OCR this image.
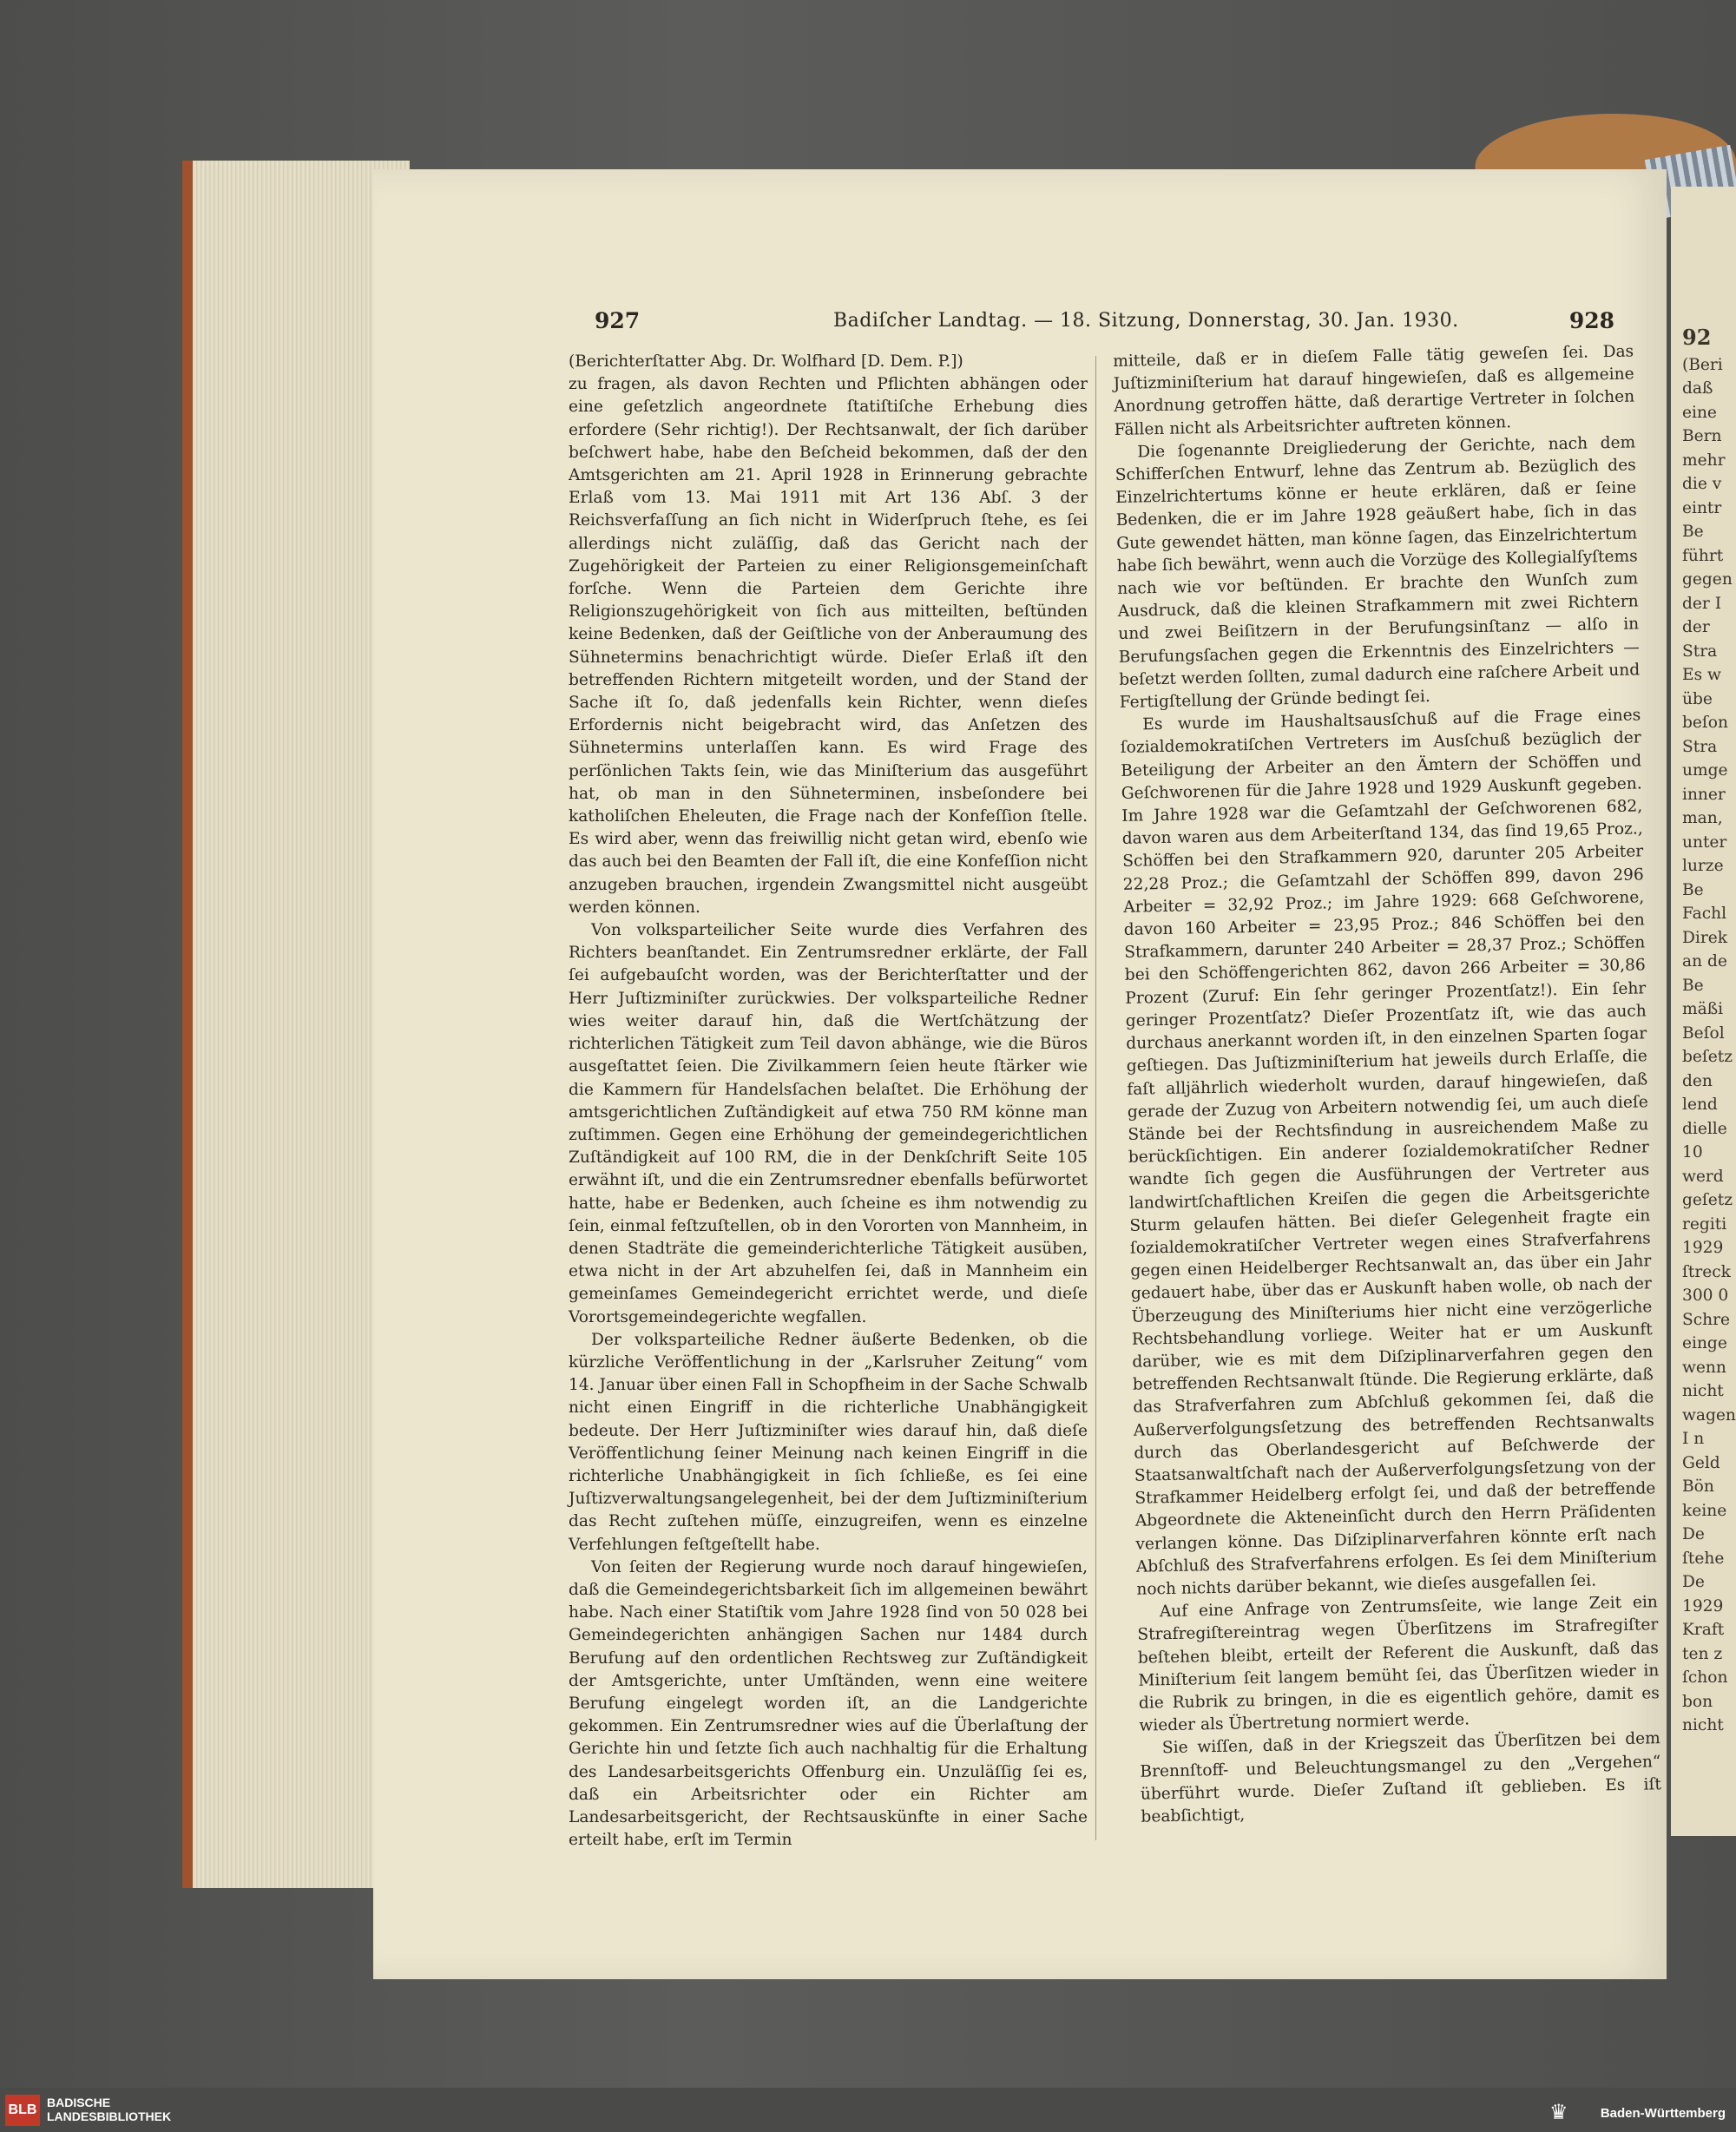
92
(Beri
daß
eine
Bern
mehr
die v
eintr
Be
führt
gegen
der I
der
Stra
Es w
übe
beſon
Stra
umge
inner
man,
unter
lurze
Be
Fachl
Direk
an de
Be
mäßi
Beſol
beſetz
den
lend
dielle
10
werd
geſetz
regiti
1929
ſtreck
300 0
Schre
einge
wenn
nicht
wagen
I n
Geld
Bön
keine
De
ſtehe
De
1929
Kraft
ten z
ſchon
bon
nicht
927	Badiſcher Landtag. — 18. Sitzung, Donnerstag, 30. Jan. 1930.	928

(Berichterſtatter Abg. Dr. Wolfhard [D. Dem. P.])

zu fragen, als davon Rechten und Pflichten abhängen oder eine geſetzlich angeordnete ſtatiſtiſche Erhebung dies erfordere (Sehr richtig!). Der Rechtsanwalt, der ſich darüber beſchwert habe, habe den Beſcheid bekommen, daß der den Amtsgerichten am 21. April 1928 in Erinnerung gebrachte Erlaß vom 13. Mai 1911 mit Art 136 Abſ. 3 der Reichsverfaſſung an ſich nicht in Widerſpruch ſtehe, es ſei allerdings nicht zuläſſig, daß das Gericht nach der Zugehörigkeit der Parteien zu einer Religionsgemeinſchaft forſche. Wenn die Parteien dem Gerichte ihre Religionszugehörigkeit von ſich aus mitteilten, beſtünden keine Bedenken, daß der Geiſtliche von der Anberaumung des Sühnetermins benachrichtigt würde. Dieſer Erlaß iſt den betreffenden Richtern mitgeteilt worden, und der Stand der Sache iſt ſo, daß jedenfalls kein Richter, wenn dieſes Erfordernis nicht beigebracht wird, das Anſetzen des Sühnetermins unterlaſſen kann. Es wird Frage des perſönlichen Takts ſein, wie das Miniſterium das ausgeführt hat, ob man in den Sühneterminen, insbeſondere bei katholiſchen Eheleuten, die Frage nach der Konfeſſion ſtelle. Es wird aber, wenn das freiwillig nicht getan wird, ebenſo wie das auch bei den Beamten der Fall iſt, die eine Konfeſſion nicht anzugeben brauchen, irgendein Zwangsmittel nicht ausgeübt werden können.

Von volksparteilicher Seite wurde dies Verfahren des Richters beanſtandet. Ein Zentrumsredner erklärte, der Fall ſei aufgebauſcht worden, was der Berichterſtatter und der Herr Juſtizminiſter zurückwies. Der volksparteiliche Redner wies weiter darauf hin, daß die Wertſchätzung der richterlichen Tätigkeit zum Teil davon abhänge, wie die Büros ausgeſtattet ſeien. Die Zivilkammern ſeien heute ſtärker wie die Kammern für Handelsſachen belaſtet. Die Erhöhung der amtsgerichtlichen Zuſtändigkeit auf etwa 750 RM könne man zuſtimmen. Gegen eine Erhöhung der gemeindegerichtlichen Zuſtändigkeit auf 100 RM, die in der Denkſchrift Seite 105 erwähnt iſt, und die ein Zentrumsredner ebenfalls befürwortet hatte, habe er Bedenken, auch ſcheine es ihm notwendig zu ſein, einmal feſtzuſtellen, ob in den Vororten von Mannheim, in denen Stadträte die gemeinderichterliche Tätigkeit ausüben, etwa nicht in der Art abzuhelfen ſei, daß in Mannheim ein gemeinſames Gemeindegericht errichtet werde, und dieſe Vorortsgemeindegerichte wegfallen.

Der volksparteiliche Redner äußerte Bedenken, ob die kürzliche Veröffentlichung in der „Karlsruher Zeitung“ vom 14. Januar über einen Fall in Schopfheim in der Sache Schwalb nicht einen Eingriff in die richterliche Unabhängigkeit bedeute. Der Herr Juſtizminiſter wies darauf hin, daß dieſe Veröffentlichung ſeiner Meinung nach keinen Eingriff in die richterliche Unabhängigkeit in ſich ſchließe, es ſei eine Juſtizverwaltungsangelegenheit, bei der dem Juſtizminiſterium das Recht zuſtehen müſſe, einzugreifen, wenn es einzelne Verfehlungen feſtgeſtellt habe.

Von ſeiten der Regierung wurde noch darauf hingewieſen, daß die Gemeindegerichtsbarkeit ſich im allgemeinen bewährt habe. Nach einer Statiſtik vom Jahre 1928 ſind von 50 028 bei Gemeindegerichten anhängigen Sachen nur 1484 durch Berufung auf den ordentlichen Rechtsweg zur Zuſtändigkeit der Amtsgerichte, unter Umſtänden, wenn eine weitere Berufung eingelegt worden iſt, an die Landgerichte gekommen. Ein Zentrumsredner wies auf die Überlaſtung der Gerichte hin und ſetzte ſich auch nachhaltig für die Erhaltung des Landesarbeitsgerichts Offenburg ein. Unzuläſſig ſei es, daß ein Arbeitsrichter oder ein Richter am Landesarbeitsgericht, der Rechtsauskünfte in einer Sache erteilt habe, erſt im Termin

mitteile, daß er in dieſem Falle tätig geweſen ſei. Das Juſtizminiſterium hat darauf hingewieſen, daß es allgemeine Anordnung getroffen hätte, daß derartige Vertreter in ſolchen Fällen nicht als Arbeitsrichter auftreten können.

Die ſogenannte Dreigliederung der Gerichte, nach dem Schifferſchen Entwurf, lehne das Zentrum ab. Bezüglich des Einzelrichtertums könne er heute erklären, daß er ſeine Bedenken, die er im Jahre 1928 geäußert habe, ſich in das Gute gewendet hätten, man könne ſagen, das Einzelrichtertum habe ſich bewährt, wenn auch die Vorzüge des Kollegialſyſtems nach wie vor beſtünden. Er brachte den Wunſch zum Ausdruck, daß die kleinen Strafkammern mit zwei Richtern und zwei Beiſitzern in der Berufungsinſtanz — alſo in Berufungsſachen gegen die Erkenntnis des Einzelrichters — beſetzt werden ſollten, zumal dadurch eine raſchere Arbeit und Fertigſtellung der Gründe bedingt ſei.

Es wurde im Haushaltsausſchuß auf die Frage eines ſozialdemokratiſchen Vertreters im Ausſchuß bezüglich der Beteiligung der Arbeiter an den Ämtern der Schöffen und Geſchworenen für die Jahre 1928 und 1929 Auskunft gegeben. Im Jahre 1928 war die Geſamtzahl der Geſchworenen 682, davon waren aus dem Arbeiterſtand 134, das ſind 19,65 Proz., Schöffen bei den Strafkammern 920, darunter 205 Arbeiter 22,28 Proz.; die Geſamtzahl der Schöffen 899, davon 296 Arbeiter = 32,92 Proz.; im Jahre 1929: 668 Geſchworene, davon 160 Arbeiter = 23,95 Proz.; 846 Schöffen bei den Strafkammern, darunter 240 Arbeiter = 28,37 Proz.; Schöffen bei den Schöffengerichten 862, davon 266 Arbeiter = 30,86 Prozent (Zuruf: Ein ſehr geringer Prozentſatz!). Ein ſehr geringer Prozentſatz? Dieſer Prozentſatz iſt, wie das auch durchaus anerkannt worden iſt, in den einzelnen Sparten ſogar geſtiegen. Das Juſtizminiſterium hat jeweils durch Erlaſſe, die faſt alljährlich wiederholt wurden, darauf hingewieſen, daß gerade der Zuzug von Arbeitern notwendig ſei, um auch dieſe Stände bei der Rechtsfindung in ausreichendem Maße zu berückſichtigen. Ein anderer ſozialdemokratiſcher Redner wandte ſich gegen die Ausführungen der Vertreter aus landwirtſchaftlichen Kreiſen die gegen die Arbeitsgerichte Sturm gelaufen hätten. Bei dieſer Gelegenheit fragte ein ſozialdemokratiſcher Vertreter wegen eines Strafverfahrens gegen einen Heidelberger Rechtsanwalt an, das über ein Jahr gedauert habe, über das er Auskunft haben wolle, ob nach der Überzeugung des Miniſteriums hier nicht eine verzögerliche Rechtsbehandlung vorliege. Weiter hat er um Auskunft darüber, wie es mit dem Diſziplinarverfahren gegen den betreffenden Rechtsanwalt ſtünde. Die Regierung erklärte, daß das Strafverfahren zum Abſchluß gekommen ſei, daß die Außerverfolgungsſetzung des betreffenden Rechtsanwalts durch das Oberlandesgericht auf Beſchwerde der Staatsanwaltſchaft nach der Außerverfolgungsſetzung von der Strafkammer Heidelberg erfolgt ſei, und daß der betreffende Abgeordnete die Akteneinſicht durch den Herrn Präſidenten verlangen könne. Das Diſziplinarverfahren könnte erſt nach Abſchluß des Strafverfahrens erfolgen. Es ſei dem Miniſterium noch nichts darüber bekannt, wie dieſes ausgefallen ſei.

Auf eine Anfrage von Zentrumsſeite, wie lange Zeit ein Strafregiſtereintrag wegen Überſitzens im Strafregiſter beſtehen bleibt, erteilt der Referent die Auskunft, daß das Miniſterium ſeit langem bemüht ſei, das Überſitzen wieder in die Rubrik zu bringen, in die es eigentlich gehöre, damit es wieder als Übertretung normiert werde.

Sie wiſſen, daß in der Kriegszeit das Überſitzen bei dem Brennſtoff- und Beleuchtungsmangel zu den „Vergehen“ überführt wurde. Dieſer Zuſtand iſt geblieben. Es iſt beabſichtigt,

BLB BADISCHE
LANDESBIBLIOTHEK	♛	Baden-Württemberg
